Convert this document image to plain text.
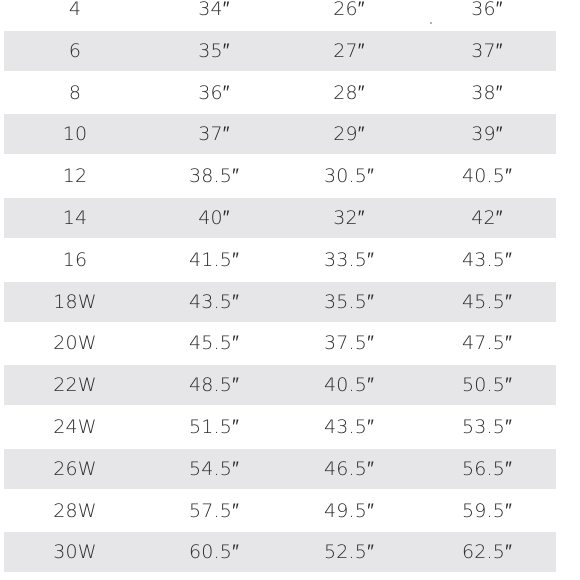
4	34″	26″	36″
6	35″	27″	37″
8	36″	28″	38″
10	37″	29″	39″
12	38.5″	30.5″	40.5″
14	40″	32″	42″
16	41.5″	33.5″	43.5″
18W	43.5″	35.5″	45.5″
20W	45.5″	37.5″	47.5″
22W	48.5″	40.5″	50.5″
24W	51.5″	43.5″	53.5″
26W	54.5″	46.5″	56.5″
28W	57.5″	49.5″	59.5″
30W	60.5″	52.5″	62.5″
